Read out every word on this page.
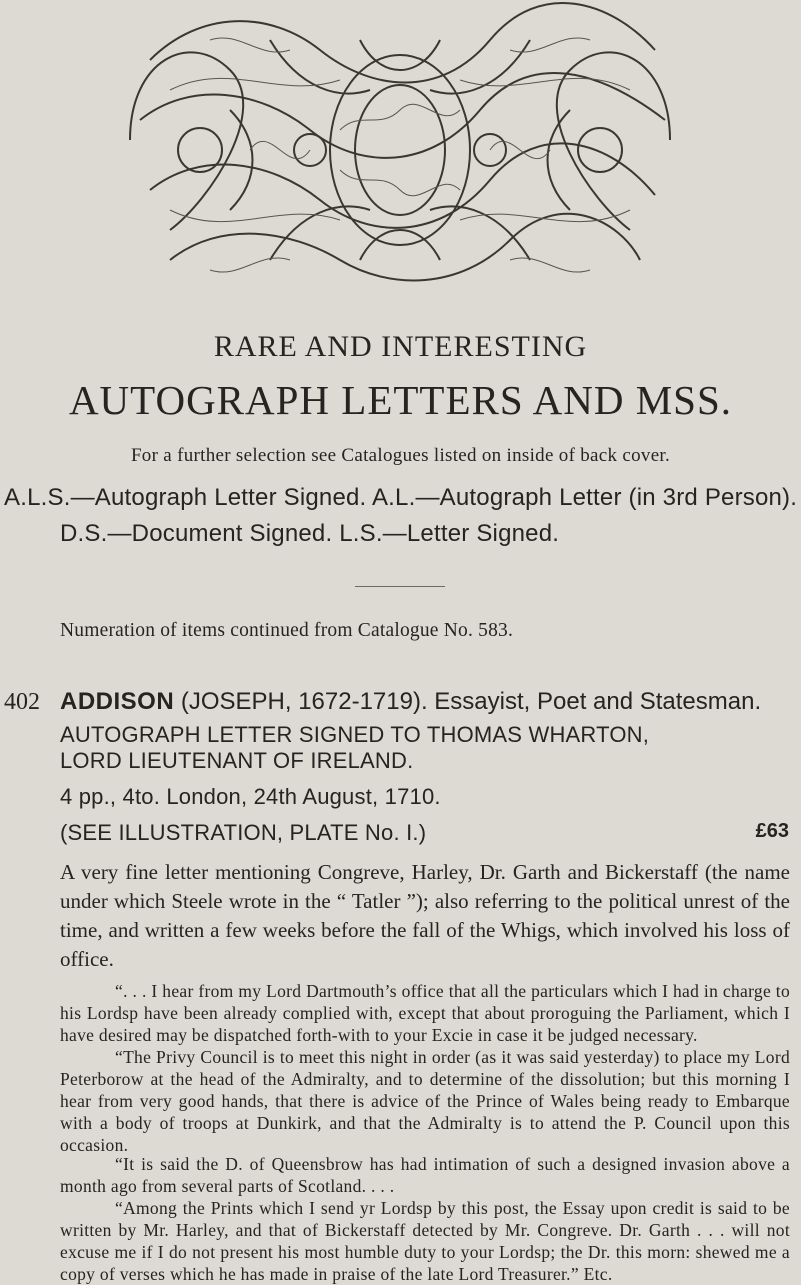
RARE AND INTERESTING
AUTOGRAPH LETTERS AND MSS.
For a further selection see Catalogues listed on inside of back cover.
A.L.S.—Autograph Letter Signed. A.L.—Autograph Letter (in 3rd Person).
D.S.—Document Signed. L.S.—Letter Signed.
Numeration of items continued from Catalogue No. 583.
402 ADDISON (JOSEPH, 1672-1719). Essayist, Poet and Statesman.
AUTOGRAPH LETTER SIGNED TO THOMAS WHARTON,
LORD LIEUTENANT OF IRELAND.
4 pp., 4to. London, 24th August, 1710.
(SEE ILLUSTRATION, PLATE No. I.)	£63
A very fine letter mentioning Congreve, Harley, Dr. Garth and Bickerstaff (the name under which Steele wrote in the “ Tatler ”); also referring to the political unrest of the time, and written a few weeks before the fall of the Whigs, which involved his loss of office.
“. . . I hear from my Lord Dartmouth’s office that all the particulars which I had in charge to his Lordsp have been already complied with, except that about proroguing the Parliament, which I have desired may be dispatched forth-with to your Excie in case it be judged necessary.
“The Privy Council is to meet this night in order (as it was said yesterday) to place my Lord Peterborow at the head of the Admiralty, and to determine of the dissolution; but this morning I hear from very good hands, that there is advice of the Prince of Wales being ready to Embarque with a body of troops at Dunkirk, and that the Admiralty is to attend the P. Council upon this occasion.
“It is said the D. of Queensbrow has had intimation of such a designed invasion above a month ago from several parts of Scotland. . . .
“Among the Prints which I send yr Lordsp by this post, the Essay upon credit is said to be written by Mr. Harley, and that of Bickerstaff detected by Mr. Congreve. Dr. Garth . . . will not excuse me if I do not present his most humble duty to your Lordsp; the Dr. this morn: shewed me a copy of verses which he has made in praise of the late Lord Treasurer.” Etc.
